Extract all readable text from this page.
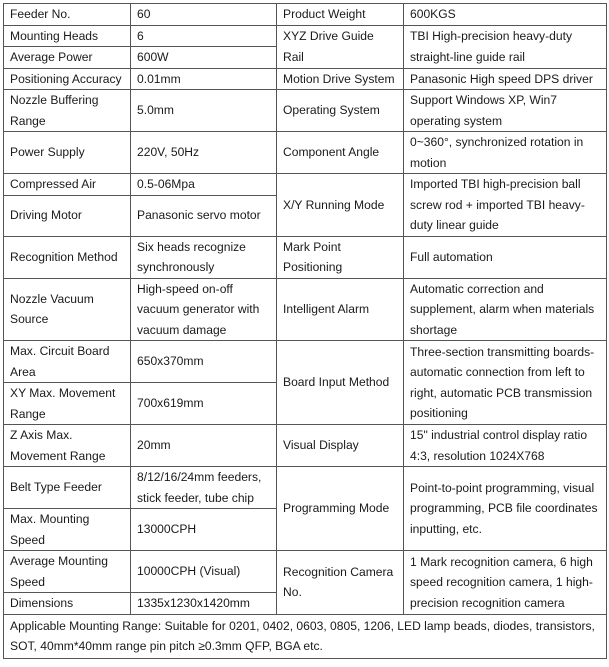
Feeder No.	60	Product Weight	600KGS
Mounting Heads	6	XYZ Drive Guide Rail	TBI High-precision heavy-duty straight-line guide rail
Average Power	600W		
Positioning Accuracy	0.01mm	Motion Drive System	Panasonic High speed DPS driver
Nozzle Buffering Range	5.0mm	Operating System	Support Windows XP, Win7 operating system
Power Supply	220V, 50Hz	Component Angle	0~360°, synchronized rotation in motion
Compressed Air	0.5-06Mpa	X/Y Running Mode	Imported TBI high-precision ball screw rod + imported TBI heavy-duty linear guide
Driving Motor	Panasonic servo motor		
Recognition Method	Six heads recognize synchronously	Mark Point Positioning	Full automation
Nozzle Vacuum Source	High-speed on-off vacuum generator with vacuum damage	Intelligent Alarm	Automatic correction and supplement, alarm when materials shortage
Max. Circuit Board Area	650x370mm	Board Input Method	Three-section transmitting boards-automatic connection from left to right, automatic PCB transmission positioning
XY Max. Movement Range	700x619mm		
Z Axis Max. Movement Range	20mm	Visual Display	15" industrial control display ratio 4:3, resolution 1024X768
Belt Type Feeder	8/12/16/24mm feeders, stick feeder, tube chip	Programming Mode	Point-to-point programming, visual programming, PCB file coordinates inputting, etc.
Max. Mounting Speed	13000CPH		
Average Mounting Speed	10000CPH (Visual)	Recognition Camera No.	1 Mark recognition camera, 6 high speed recognition camera, 1 high-precision recognition camera
Dimensions	1335x1230x1420mm		
Applicable Mounting Range: Suitable for 0201, 0402, 0603, 0805, 1206, LED lamp beads, diodes, transistors, SOT, 40mm*40mm range pin pitch ≥0.3mm QFP, BGA etc.			
